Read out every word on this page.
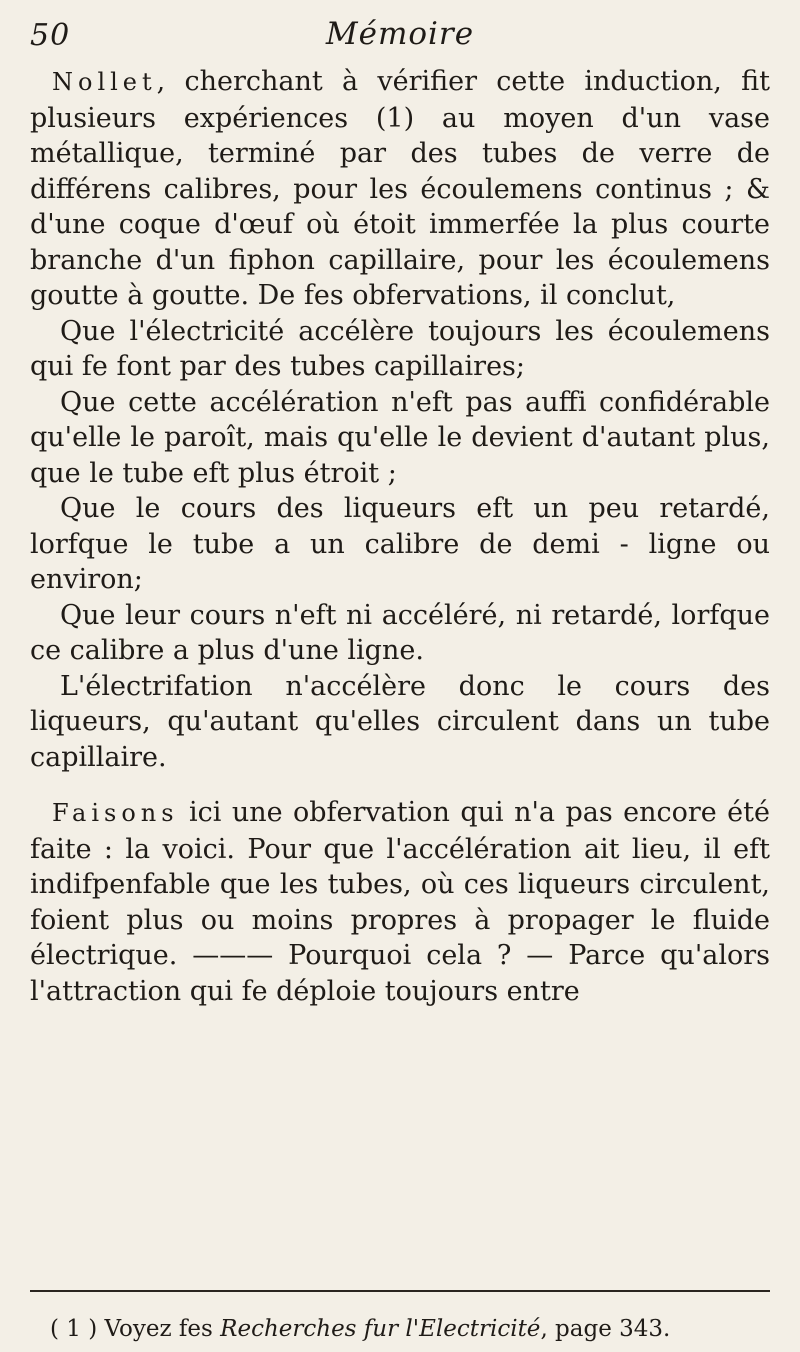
50	Mémoire

Nollet, cherchant à vérifier cette induction, fit plusieurs expériences (1) au moyen d'un vase métallique, terminé par des tubes de verre de différens calibres, pour les écoulemens continus ; & d'une coque d'œuf où étoit immerfée la plus courte branche d'un fiphon capillaire, pour les écoulemens goutte à goutte. De fes obfervations, il conclut,

Que l'électricité accélère toujours les écoulemens qui fe font par des tubes capillaires;

Que cette accélération n'eft pas auffi confidérable qu'elle le paroît, mais qu'elle le devient d'autant plus, que le tube eft plus étroit ;

Que le cours des liqueurs eft un peu retardé, lorfque le tube a un calibre de demi - ligne ou environ;

Que leur cours n'eft ni accéléré, ni retardé, lorfque ce calibre a plus d'une ligne.

L'électrifation n'accélère donc le cours des liqueurs, qu'autant qu'elles circulent dans un tube capillaire.

Faisons ici une obfervation qui n'a pas encore été faite : la voici. Pour que l'accélération ait lieu, il eft indifpenfable que les tubes, où ces liqueurs circulent, foient plus ou moins propres à propager le fluide électrique. ——— Pourquoi cela ? — Parce qu'alors l'attraction qui fe déploie toujours entre

( 1 ) Voyez fes Recherches fur l'Electricité, page 343.
